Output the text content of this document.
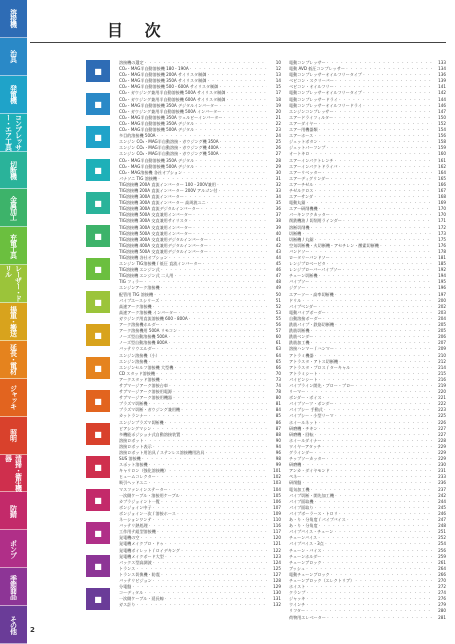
溶接機
治具
発電機
コンプレッサー・エア工具
切断機
金属加工
充電工具
レーザー・ドリル
揚重・搬送
延長・電材
ジャッキ
照明
清掃・衛生機器
防錆
ポンプ
季節商品
その他
目 次
■
■
■
■
■
■
■
■
■
■
■
■
■
■
■
■
■
溶接機の選定 ・・・・・・・・・・・・・・・・・・・・・・・・・・・・・・・・・・・・・・・・	10
CO₂・MAG半自動溶接機 180・190A ・・・・・・・・・・・・・・・・・・・・・・・・・・・・・・・・・・・・・・・・	12
CO₂・MAG半自動溶接機 200A サイリスタ制御 ・・・・・・・・・・・・・・・・・・・・・・・・・・・・・・・・・・・・・・・・	13
CO₂・MAG半自動溶接機 350A サイリスタ制御 ・・・・・・・・・・・・・・・・・・・・・・・・・・・・・・・・・・・・・・・・	14
CO₂・MAG半自動溶接機 500・600A サイリスタ制御 ・・・・・・・・・・・・・・・・・・・・・・・・・・・・・・・・・・・・・・・・	15
CO₂・ガウジング兼用半自動溶接機 500A サイリスタ制御 ・・・・・・・・・・・・・・・・・・・・・・・・・・・・・・・・・・・・・・・・	17
CO₂・ガウジング兼用半自動溶接機 600A サイリスタ制御 ・・・・・・・・・・・・・・・・・・・・・・・・・・・・・・・・・・・・・・・・	18
CO₂・MAG半自動溶接機 350A デジタルインバーター ・・・・・・・・・・・・・・・・・・・・・・・・・・・・・・・・・・・・・・・・	19
CO₂・ガウジング兼用半自動溶接機 500A インバーター ・・・・・・・・・・・・・・・・・・・・・・・・・・・・・・・・・・・・・・・・	20
CO₂・MAG半自動溶接機 350A ウェルビーインバーター ・・・・・・・・・・・・・・・・・・・・・・・・・・・・・・・・・・・・・・・・	21
CO₂・MAG半自動溶接機 350A デジタル ・・・・・・・・・・・・・・・・・・・・・・・・・・・・・・・・・・・・・・・・	22
CO₂・MAG半自動溶接機 500A デジタル ・・・・・・・・・・・・・・・・・・・・・・・・・・・・・・・・・・・・・・・・	23
多目的溶接機 500A ・・・・・・・・・・・・・・・・・・・・・・・・・・・・・・・・・・・・・・・・	24
エンジン CO₂・MAG半自動溶接・ガウジング機 350A ・・・・・・・・・・・・・・・・・・・・・・・・・・・・・・・・・・・・・・・・	25
エンジン CO₂・MAG半自動溶接・ガウジング機 400A ・・・・・・・・・・・・・・・・・・・・・・・・・・・・・・・・・・・・・・・・	26
エンジン CO₂・MAG半自動溶接・ガウジング機 500A ・・・・・・・・・・・・・・・・・・・・・・・・・・・・・・・・・・・・・・・・	27
CO₂・MAG半自動溶接機 350A デジタル ・・・・・・・・・・・・・・・・・・・・・・・・・・・・・・・・・・・・・・・・	28
CO₂・MAG半自動溶接機 500A デジタル ・・・・・・・・・・・・・・・・・・・・・・・・・・・・・・・・・・・・・・・・	29
CO₂・MAG溶接機 各社オプション ・・・・・・・・・・・・・・・・・・・・・・・・・・・・・・・・・・・・・・・・	30
パナソニ TIG 溶接機 ・・・・・・・・・・・・・・・・・・・・・・・・・・・・・・・・・・・・・・・・	31
TIG溶接機 200A 直流インバーター 100・200V兼用 ・・・・・・・・・・・・・・・・・・・・・・・・・・・・・・・・・・・・・・・・	32
TIG溶接機 200A 直流インバーター 200V アルゴン付 ・・・・・・・・・・・・・・・・・・・・・・・・・・・・・・・・・・・・・・・・	33
TIG溶接機 300A 直流インバーター ・・・・・・・・・・・・・・・・・・・・・・・・・・・・・・・・・・・・・・・・	34
TIG溶接機 300A 直流インバーター 高周波ユニ ・・・・・・・・・・・・・・・・・・・・・・・・・・・・・・・・・・・・・・・・	35
TIG溶接機 300A 直流デジタルインバーター ・・・・・・・・・・・・・・・・・・・・・・・・・・・・・・・・・・・・・・・・	36
TIG溶接機 500A 交直兼用インバーター ・・・・・・・・・・・・・・・・・・・・・・・・・・・・・・・・・・・・・・・・	37
TIG溶接機 300A 交直兼用サイリスタ ・・・・・・・・・・・・・・・・・・・・・・・・・・・・・・・・・・・・・・・・	38
TIG溶接機 300A 交直兼用インバーター ・・・・・・・・・・・・・・・・・・・・・・・・・・・・・・・・・・・・・・・・	39
TIG溶接機 500A 交直兼用インバーター ・・・・・・・・・・・・・・・・・・・・・・・・・・・・・・・・・・・・・・・・	40
TIG溶接機 300A 交直兼用デジタルインバーター ・・・・・・・・・・・・・・・・・・・・・・・・・・・・・・・・・・・・・・・・	41
TIG溶接機 400A 交直兼用デジタルインバーター ・・・・・・・・・・・・・・・・・・・・・・・・・・・・・・・・・・・・・・・・	42
TIG溶接機 500A 交直兼用デジタルインバーター ・・・・・・・・・・・・・・・・・・・・・・・・・・・・・・・・・・・・・・・・	43
TIG溶接機 各社オプション ・・・・・・・・・・・・・・・・・・・・・・・・・・・・・・・・・・・・・・・・	44
エンジン TIG溶接機 / 低圧 直流インバーター ・・・・・・・・・・・・・・・・・・・・・・・・・・・・・・・・・・・・・・・・	45
TIG溶接機 エンジン式 ・・・・・・・・・・・・・・・・・・・・・・・・・・・・・・・・・・・・・・・・	46
TIG溶接機 エンジン式 二人用 ・・・・・・・・・・・・・・・・・・・・・・・・・・・・・・・・・・・・・・・・	47
TIG フィラー ・・・・・・・・・・・・・・・・・・・・・・・・・・・・・・・・・・・・・・・・	48
エンジンアーク溶接機 ・・・・・・・・・・・・・・・・・・・・・・・・・・・・・・・・・・・・・・・・	49
配管用 TIG 溶接機 ・・・・・・・・・・・・・・・・・・・・・・・・・・・・・・・・・・・・・・・・	50
パイプエースシリーズ ・・・・・・・・・・・・・・・・・・・・・・・・・・・・・・・・・・・・・・・・	51
高速アーク溶接機 ・・・・・・・・・・・・・・・・・・・・・・・・・・・・・・・・・・・・・・・・	52
高速アーク溶接機 インバーター ・・・・・・・・・・・・・・・・・・・・・・・・・・・・・・・・・・・・・・・・	53
ガウジング用直流溶接機 600・800A ・・・・・・・・・・・・・・・・・・・・・・・・・・・・・・・・・・・・・・・・	55
アーク溶接機ホルダー ・・・・・・・・・・・・・・・・・・・・・・・・・・・・・・・・・・・・・・・・	56
アーク溶接機用 500A リモコン ・・・・・・・・・・・・・・・・・・・・・・・・・・・・・・・・・・・・・・・・	57
ノーズ型自動溶接機 500A ・・・・・・・・・・・・・・・・・・・・・・・・・・・・・・・・・・・・・・・・	60
ノーズ型自動溶接機 800A ・・・・・・・・・・・・・・・・・・・・・・・・・・・・・・・・・・・・・・・・	61
バッテリウエルダー ・・・・・・・・・・・・・・・・・・・・・・・・・・・・・・・・・・・・・・・・	63
エンジン溶接機（小） ・・・・・・・・・・・・・・・・・・・・・・・・・・・・・・・・・・・・・・・・	64
エンジン溶接機 ・・・・・・・・・・・・・・・・・・・・・・・・・・・・・・・・・・・・・・・・	65
エンジンセルフ溶接機 大型機 ・・・・・・・・・・・・・・・・・・・・・・・・・・・・・・・・・・・・・・・・	66
CD スタッド溶接機 ・・・・・・・・・・・・・・・・・・・・・・・・・・・・・・・・・・・・・・・・	70
アークスタッド溶接機 ・・・・・・・・・・・・・・・・・・・・・・・・・・・・・・・・・・・・・・・・	73
サブマージアーク溶接台車 ・・・・・・・・・・・・・・・・・・・・・・・・・・・・・・・・・・・・・・・・	74
サブマージアーク溶接用電源 ・・・・・・・・・・・・・・・・・・・・・・・・・・・・・・・・・・・・・・・・	78
サブマージアーク溶接用機器 ・・・・・・・・・・・・・・・・・・・・・・・・・・・・・・・・・・・・・・・・	80
プラズマ切断機 ・・・・・・・・・・・・・・・・・・・・・・・・・・・・・・・・・・・・・・・・	81
プラズマ切断・ガウジング兼用機 ・・・・・・・・・・・・・・・・・・・・・・・・・・・・・・・・・・・・・・・・	84
カットランナー ・・・・・・・・・・・・・・・・・・・・・・・・・・・・・・・・・・・・・・・・	85
エンジンプラズマ切断機 ・・・・・・・・・・・・・・・・・・・・・・・・・・・・・・・・・・・・・・・・	86
ピアシングマシン ・・・・・・・・・・・・・・・・・・・・・・・・・・・・・・・・・・・・・・・・	87
多機能ポジショナ式自動溶接装置 ・・・・・・・・・・・・・・・・・・・・・・・・・・・・・・・・・・・・・・・・	88
溶接ロボット ・・・・・・・・・・・・・・・・・・・・・・・・・・・・・・・・・・・・・・・・	90
溶接ロボット表示 ・・・・・・・・・・・・・・・・・・・・・・・・・・・・・・・・・・・・・・・・	94
溶接ロボット用治具 / ステンレス溶接機用治具 ・・・・・・・・・・・・・・・・・・・・・・・・・・・・・・・・・・・・・・・・	96
SUS 溶接機 ・・・・・・・・・・・・・・・・・・・・・・・・・・・・・・・・・・・・・・・・	98
スポット溶接機 ・・・・・・・・・・・・・・・・・・・・・・・・・・・・・・・・・・・・・・・・	99
キャリロン（強化溶接機） ・・・・・・・・・・・・・・・・・・・・・・・・・・・・・・・・・・・・・・・・	101
ヒュームコレクター ・・・・・・・・・・・・・・・・・・・・・・・・・・・・・・・・・・・・・・・・	102
吸引ヘッドユニ ・・・・・・・・・・・・・・・・・・・・・・・・・・・・・・・・・・・・・・・・	103
マスファンインステーター ・・・・・・・・・・・・・・・・・・・・・・・・・・・・・・・・・・・・・・・・	104
一次側ケーブル・溶接用ケーブル ・・・・・・・・・・・・・・・・・・・・・・・・・・・・・・・・・・・・・・・・	105
カプラジョイント一覧 ・・・・・・・・・・・・・・・・・・・・・・・・・・・・・・・・・・・・・・・・	106
ボンジョイン中子 ・・・・・・・・・・・・・・・・・・・・・・・・・・・・・・・・・・・・・・・・	107
ボンジョイン一次 / 溶接ホース ・・・・・・・・・・・・・・・・・・・・・・・・・・・・・・・・・・・・・・・・	109
ネーションワンテ ・・・・・・・・・・・・・・・・・・・・・・・・・・・・・・・・・・・・・・・・	110
バッテリ熱処理 ・・・・・・・・・・・・・・・・・・・・・・・・・・・・・・・・・・・・・・・・	116
工作用テ組型溶接機 ・・・・・・・・・・・・・・・・・・・・・・・・・・・・・・・・・・・・・・・・	117
発電機の空 ・・・・・・・・・・・・・・・・・・・・・・・・・・・・・・・・・・・・・・・・	120
発電機メイクプロ・ドゥ ・・・・・・・・・・・・・・・・・・・・・・・・・・・・・・・・・・・・・・・・	121
発電機ボイレット / ロイデキング ・・・・・・・・・・・・・・・・・・・・・・・・・・・・・・・・・・・・・・・・	122
発電機メイクボード大型 ・・・・・・・・・・・・・・・・・・・・・・・・・・・・・・・・・・・・・・・・	123
パックス型高調波 ・・・・・・・・・・・・・・・・・・・・・・・・・・・・・・・・・・・・・・・・	124
トランス ・・・・・・・・・・・・・・・・・・・・・・・・・・・・・・・・・・・・・・・・	125
トランス切換機・防震 ・・・・・・・・・・・・・・・・・・・・・・・・・・・・・・・・・・・・・・・・	127
バッテリビジョン ・・・・・・・・・・・・・・・・・・・・・・・・・・・・・・・・・・・・・・・・	128
分電盤 ・・・・・・・・・・・・・・・・・・・・・・・・・・・・・・・・・・・・・・・・	129
コーディタル ・・・・・・・・・・・・・・・・・・・・・・・・・・・・・・・・・・・・・・・・	130
一次側ケーブル・延長線 ・・・・・・・・・・・・・・・・・・・・・・・・・・・・・・・・・・・・・・・・	131
ガス計り ・・・・・・・・・・・・・・・・・・・・・・・・・・・・・・・・・・・・・・・・	132
電動コンプレッサー ・・・・・・・・・・・・・・・・・・・・・・・・・・・・・・・・・・・・・・・・	133
電動 AVD 低圧コンプレッサー ・・・・・・・・・・・・・・・・・・・・・・・・・・・・・・・・・・・・・・・・	134
電動コンプレッサーオイルフリータイプ ・・・・・・・・・・・・・・・・・・・・・・・・・・・・・・・・・・・・・・・・	136
ベビコン・スクリーバー ・・・・・・・・・・・・・・・・・・・・・・・・・・・・・・・・・・・・・・・・	139
ベビコン・オイルフリー ・・・・・・・・・・・・・・・・・・・・・・・・・・・・・・・・・・・・・・・・	141
電動コンプレッサーオイルフリータイプ ・・・・・・・・・・・・・・・・・・・・・・・・・・・・・・・・・・・・・・・・	142
電動コンプレッサードライ ・・・・・・・・・・・・・・・・・・・・・・・・・・・・・・・・・・・・・・・・	144
電動コンプレッサーオイルフリードライ ・・・・・・・・・・・・・・・・・・・・・・・・・・・・・・・・・・・・・・・・	146
エンジンコンプレッサー ・・・・・・・・・・・・・・・・・・・・・・・・・・・・・・・・・・・・・・・・	147
エアードライフィルター ・・・・・・・・・・・・・・・・・・・・・・・・・・・・・・・・・・・・・・・・	150
エアーダイヤー ・・・・・・・・・・・・・・・・・・・・・・・・・・・・・・・・・・・・・・・・	152
エアー用機器類 ・・・・・・・・・・・・・・・・・・・・・・・・・・・・・・・・・・・・・・・・	154
エアーホース ・・・・・・・・・・・・・・・・・・・・・・・・・・・・・・・・・・・・・・・・	156
ジェットボタン ・・・・・・・・・・・・・・・・・・・・・・・・・・・・・・・・・・・・・・・・	158
ジェットパーフンプ ・・・・・・・・・・・・・・・・・・・・・・・・・・・・・・・・・・・・・・・・	159
オートキロ ・・・・・・・・・・・・・・・・・・・・・・・・・・・・・・・・・・・・・・・・	160
エアーインパクトレンチ ・・・・・・・・・・・・・・・・・・・・・・・・・・・・・・・・・・・・・・・・	161
エアーインパクトドライバ ・・・・・・・・・・・・・・・・・・・・・・・・・・・・・・・・・・・・・・・・	162
エアーリベッター ・・・・・・・・・・・・・・・・・・・・・・・・・・・・・・・・・・・・・・・・	164
エアーディグリンダー ・・・・・・・・・・・・・・・・・・・・・・・・・・・・・・・・・・・・・・・・	165
エアーチゼル ・・・・・・・・・・・・・・・・・・・・・・・・・・・・・・・・・・・・・・・・	166
チゼルクロス ・・・・・・・・・・・・・・・・・・・・・・・・・・・・・・・・・・・・・・・・	167
エアーサンダ ・・・・・・・・・・・・・・・・・・・・・・・・・・・・・・・・・・・・・・・・	168
電動丸鋸 ・・・・・・・・・・・・・・・・・・・・・・・・・・・・・・・・・・・・・・・・	169
エアー研削機機 ・・・・・・・・・・・・・・・・・・・・・・・・・・・・・・・・・・・・・・・・	170
パーキンツクカッター ・・・・・・・・・・・・・・・・・・・・・・・・・・・・・・・・・・・・・・・・	170
削鉄機油 / 切削用ラインダー ・・・・・・・・・・・・・・・・・・・・・・・・・・・・・・・・・・・・・・・・	171
溶断切削機 ・・・・・・・・・・・・・・・・・・・・・・・・・・・・・・・・・・・・・・・・	172
切断機 ・・・・・・・・・・・・・・・・・・・・・・・・・・・・・・・・・・・・・・・・	173
切断機 / 丸鋸 ・・・・・・・・・・・・・・・・・・・・・・・・・・・・・・・・・・・・・・・・	175
空気切断機・火切断機・アセチレン・酸素切断機 ・・・・・・・・・・・・・・・・・・・・・・・・・・・・・・・・・・・・・・・・	176
バンドソー ・・・・・・・・・・・・・・・・・・・・・・・・・・・・・・・・・・・・・・・・	178
ロータリーバンドソー ・・・・・・・・・・・・・・・・・・・・・・・・・・・・・・・・・・・・・・・・	181
レンジプロベービタ ・・・・・・・・・・・・・・・・・・・・・・・・・・・・・・・・・・・・・・・・	185
レンジプローバーパイプソー ・・・・・・・・・・・・・・・・・・・・・・・・・・・・・・・・・・・・・・・・	192
チェーン切断機 ・・・・・・・・・・・・・・・・・・・・・・・・・・・・・・・・・・・・・・・・	194
バイプソー ・・・・・・・・・・・・・・・・・・・・・・・・・・・・・・・・・・・・・・・・	195
ジグソー ・・・・・・・・・・・・・・・・・・・・・・・・・・・・・・・・・・・・・・・・	196
エアーソー・高率切断機 ・・・・・・・・・・・・・・・・・・・・・・・・・・・・・・・・・・・・・・・・	197
ドリル ・・・・・・・・・・・・・・・・・・・・・・・・・・・・・・・・・・・・・・・・	200
パイプベンダー ・・・・・・・・・・・・・・・・・・・・・・・・・・・・・・・・・・・・・・・・	202
電動バイブボーダー ・・・・・・・・・・・・・・・・・・・・・・・・・・・・・・・・・・・・・・・・	203
自動溶接ボーダー ・・・・・・・・・・・・・・・・・・・・・・・・・・・・・・・・・・・・・・・・	204
鉄筋パイプ・鉄筋切断機 ・・・・・・・・・・・・・・・・・・・・・・・・・・・・・・・・・・・・・・・・	205
鉄筋切断機 ・・・・・・・・・・・・・・・・・・・・・・・・・・・・・・・・・・・・・・・・	205
鉄筋ベンダー ・・・・・・・・・・・・・・・・・・・・・・・・・・・・・・・・・・・・・・・・	206
鉄筋加工機 ・・・・・・・・・・・・・・・・・・・・・・・・・・・・・・・・・・・・・・・・	207
溶接ハンマー / ハンマー ・・・・・・・・・・・・・・・・・・・・・・・・・・・・・・・・・・・・・・・・	209
アトラミ機器 ・・・・・・・・・・・・・・・・・・・・・・・・・・・・・・・・・・・・・・・・	210
アトラスタ・アトス切断機 ・・・・・・・・・・・・・・・・・・・・・・・・・・・・・・・・・・・・・・・・	212
アトラスタ・プロス / ターキャル ・・・・・・・・・・・・・・・・・・・・・・・・・・・・・・・・・・・・・・・・	214
アトラミシート ・・・・・・・・・・・・・・・・・・・・・・・・・・・・・・・・・・・・・・・・	215
パイピンシート ・・・・・・・・・・・・・・・・・・・・・・・・・・・・・・・・・・・・・・・・	216
パイプライン開先・ブロー・プロー ・・・・・・・・・・・・・・・・・・・・・・・・・・・・・・・・・・・・・・・・	219
リーマー ・・・・・・・・・・・・・・・・・・・・・・・・・・・・・・・・・・・・・・・・	220
ボンダー・ボイス ・・・・・・・・・・・・・・・・・・・・・・・・・・・・・・・・・・・・・・・・	221
パイプソーツ・ボンダー ・・・・・・・・・・・・・・・・・・・・・・・・・・・・・・・・・・・・・・・・	222
パイプシー 手動式 ・・・・・・・・・・・・・・・・・・・・・・・・・・・・・・・・・・・・・・・・	223
パイプシー・小型リーマ ・・・・・・・・・・・・・・・・・・・・・・・・・・・・・・・・・・・・・・・・	225
ホイールネット ・・・・・・・・・・・・・・・・・・・・・・・・・・・・・・・・・・・・・・・・	226
研磨機・チキン ・・・・・・・・・・・・・・・・・・・・・・・・・・・・・・・・・・・・・・・・	227
研磨機・回転 ・・・・・・・・・・・・・・・・・・・・・・・・・・・・・・・・・・・・・・・・	227
ホイールダイナー ・・・・・・・・・・・・・・・・・・・・・・・・・・・・・・・・・・・・・・・・	228
ワイヤーアタッチ ・・・・・・・・・・・・・・・・・・・・・・・・・・・・・・・・・・・・・・・・	229
グラインダー ・・・・・・・・・・・・・・・・・・・・・・・・・・・・・・・・・・・・・・・・	229
チップソーカッター ・・・・・・・・・・・・・・・・・・・・・・・・・・・・・・・・・・・・・・・・	229
研磨機 ・・・・・・・・・・・・・・・・・・・・・・・・・・・・・・・・・・・・・・・・	230
アンカ・ダイヤモンド ・・・・・・・・・・・・・・・・・・・・・・・・・・・・・・・・・・・・・・・・	231
ペネー ・・・・・・・・・・・・・・・・・・・・・・・・・・・・・・・・・・・・・・・・	233
研削盤 ・・・・・・・・・・・・・・・・・・・・・・・・・・・・・・・・・・・・・・・・	236
電気加工機 ・・・・・・・・・・・・・・・・・・・・・・・・・・・・・・・・・・・・・・・・	237
パイプ切断・開先加工機 ・・・・・・・・・・・・・・・・・・・・・・・・・・・・・・・・・・・・・・・・	242
パイプ面取機 ・・・・・・・・・・・・・・・・・・・・・・・・・・・・・・・・・・・・・・・・	244
パイプ面取り ・・・・・・・・・・・・・・・・・・・・・・・・・・・・・・・・・・・・・・・・	245
パイプボーラース・トロリ ・・・・・・・・・・・・・・・・・・・・・・・・・・・・・・・・・・・・・・・・	246
あ・り・分角度 / パイプバイス ・・・・・・・・・・・・・・・・・・・・・・・・・・・・・・・・・・・・・・・・	247
あ・り・分角度 ・・・・・・・・・・・・・・・・・・・・・・・・・・・・・・・・・・・・・・・・	248
パイプバイス・チェーン ・・・・・・・・・・・・・・・・・・・・・・・・・・・・・・・・・・・・・・・・	251
チェーンバイス ・・・・・・・・・・・・・・・・・・・・・・・・・・・・・・・・・・・・・・・・	252
パイプバイス・3点 ・・・・・・・・・・・・・・・・・・・・・・・・・・・・・・・・・・・・・・・・	254
チェーン・バイス ・・・・・・・・・・・・・・・・・・・・・・・・・・・・・・・・・・・・・・・・	256
チェーンホルダー ・・・・・・・・・・・・・・・・・・・・・・・・・・・・・・・・・・・・・・・・	259
チェーンブロック ・・・・・・・・・・・・・・・・・・・・・・・・・・・・・・・・・・・・・・・・	261
ブッシュ ・・・・・・・・・・・・・・・・・・・・・・・・・・・・・・・・・・・・・・・・	264
電動チェーンブロック ・・・・・・・・・・・・・・・・・・・・・・・・・・・・・・・・・・・・・・・・	266
チェーンブロック（エレクトリブ） ・・・・・・・・・・・・・・・・・・・・・・・・・・・・・・・・・・・・・・・・	270
ホイスト ・・・・・・・・・・・・・・・・・・・・・・・・・・・・・・・・・・・・・・・・	272
クランプ ・・・・・・・・・・・・・・・・・・・・・・・・・・・・・・・・・・・・・・・・	274
ジャッキ ・・・・・・・・・・・・・・・・・・・・・・・・・・・・・・・・・・・・・・・・	276
ウインチ ・・・・・・・・・・・・・・・・・・・・・・・・・・・・・・・・・・・・・・・・	279
リフター ・・・・・・・・・・・・・・・・・・・・・・・・・・・・・・・・・・・・・・・・	280
荷物用エレベーター ・・・・・・・・・・・・・・・・・・・・・・・・・・・・・・・・・・・・・・・・	281
2
